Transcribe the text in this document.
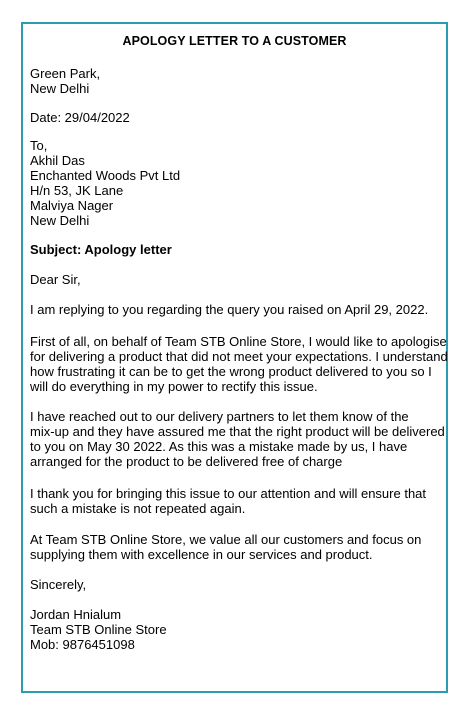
APOLOGY LETTER TO A CUSTOMER
Green Park,
New Delhi
Date: 29/04/2022
To,
Akhil Das
Enchanted Woods Pvt Ltd
H/n 53, JK Lane
Malviya Nager
New Delhi
Subject: Apology letter
Dear Sir,
I am replying to you regarding the query you raised on April 29, 2022.
First of all, on behalf of Team STB Online Store, I would like to apologise
for delivering a product that did not meet your expectations. I understand
how frustrating it can be to get the wrong product delivered to you so I
will do everything in my power to rectify this issue.
I have reached out to our delivery partners to let them know of the
mix-up and they have assured me that the right product will be delivered
to you on May 30 2022. As this was a mistake made by us, I have
arranged for the product to be delivered free of charge
I thank you for bringing this issue to our attention and will ensure that
such a mistake is not repeated again.
At Team STB Online Store, we value all our customers and focus on
supplying them with excellence in our services and product.
Sincerely,
Jordan Hnialum
Team STB Online Store
Mob: 9876451098
